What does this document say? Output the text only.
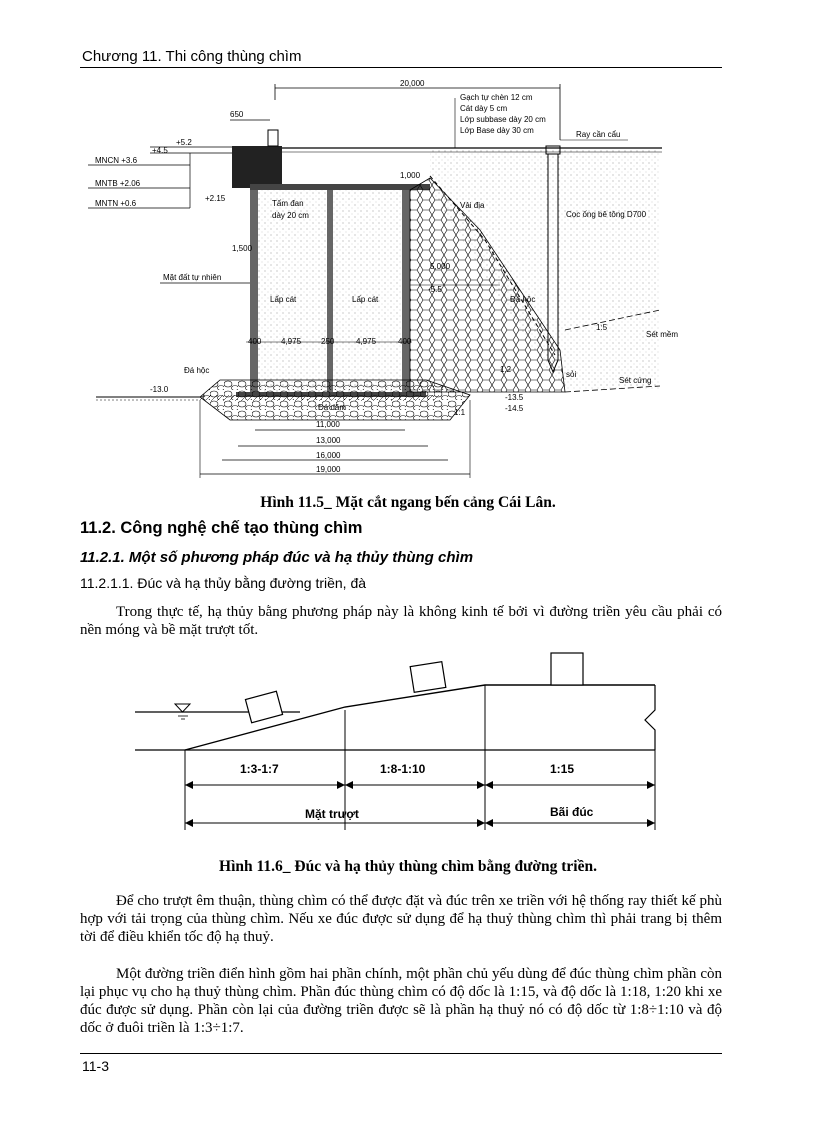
Chương 11. Thi công thùng chìm
20,000
650
Gạch tự chèn 12 cm
Cát dày 5 cm
Lớp subbase dày 20 cm
Lớp Base dày 30 cm	Ray cần cẩu
+5.2
+4.5
MNCN +3.6
MNTB +2.06
MNTN +0.6
+2.15
1,000
Tấm đan
dày 20 cm
Vải địa
Cọc ống bê tông D700
1,500
Mặt đất tự nhiên
5,000
-5.5
Lấp cát	Lấp cát	Đá hộc
1:5
Sét mềm
400 4,975 250	4,975	400
sỏi
Sét cứng
Đá hộc
-13.0
-13.5
-14.5
Đá dăm
1:1
1:2
11,000
13,000
16,000
19,000
Hình 11.5_ Mặt cắt ngang bến cảng Cái Lân.
11.2. Công nghệ chế tạo thùng chìm
11.2.1. Một số phương pháp đúc và hạ thủy thùng chìm
11.2.1.1. Đúc và hạ thủy bằng đường triền, đà
Trong thực tế, hạ thủy bằng phương pháp này là không kinh tế bởi vì đường triền yêu cầu phải có nền móng và bề mặt trượt tốt.
1:3-1:7	1:8-1:10	1:15
Mặt trượt	Bãi đúc
Hình 11.6_ Đúc và hạ thủy thùng chìm bằng đường triền.
Để cho trượt êm thuận, thùng chìm có thể được đặt và đúc trên xe triền với hệ thống ray thiết kế phù hợp với tải trọng của thùng chìm. Nếu xe đúc được sử dụng để hạ thuỷ thùng chìm thì phải trang bị thêm tời để điều khiển tốc độ hạ thuỷ.
Một đường triền điển hình gồm hai phần chính, một phần chủ yếu dùng để đúc thùng chìm phần còn lại phục vụ cho hạ thuỷ thùng chìm. Phần đúc thùng chìm có độ dốc là 1:15, và độ dốc là 1:18, 1:20 khi xe đúc được sử dụng. Phần còn lại của đường triền được sẽ là phần hạ thuỷ nó có độ dốc từ 1:8÷1:10 và độ dốc ở đuôi triền là 1:3÷1:7.
11-3
